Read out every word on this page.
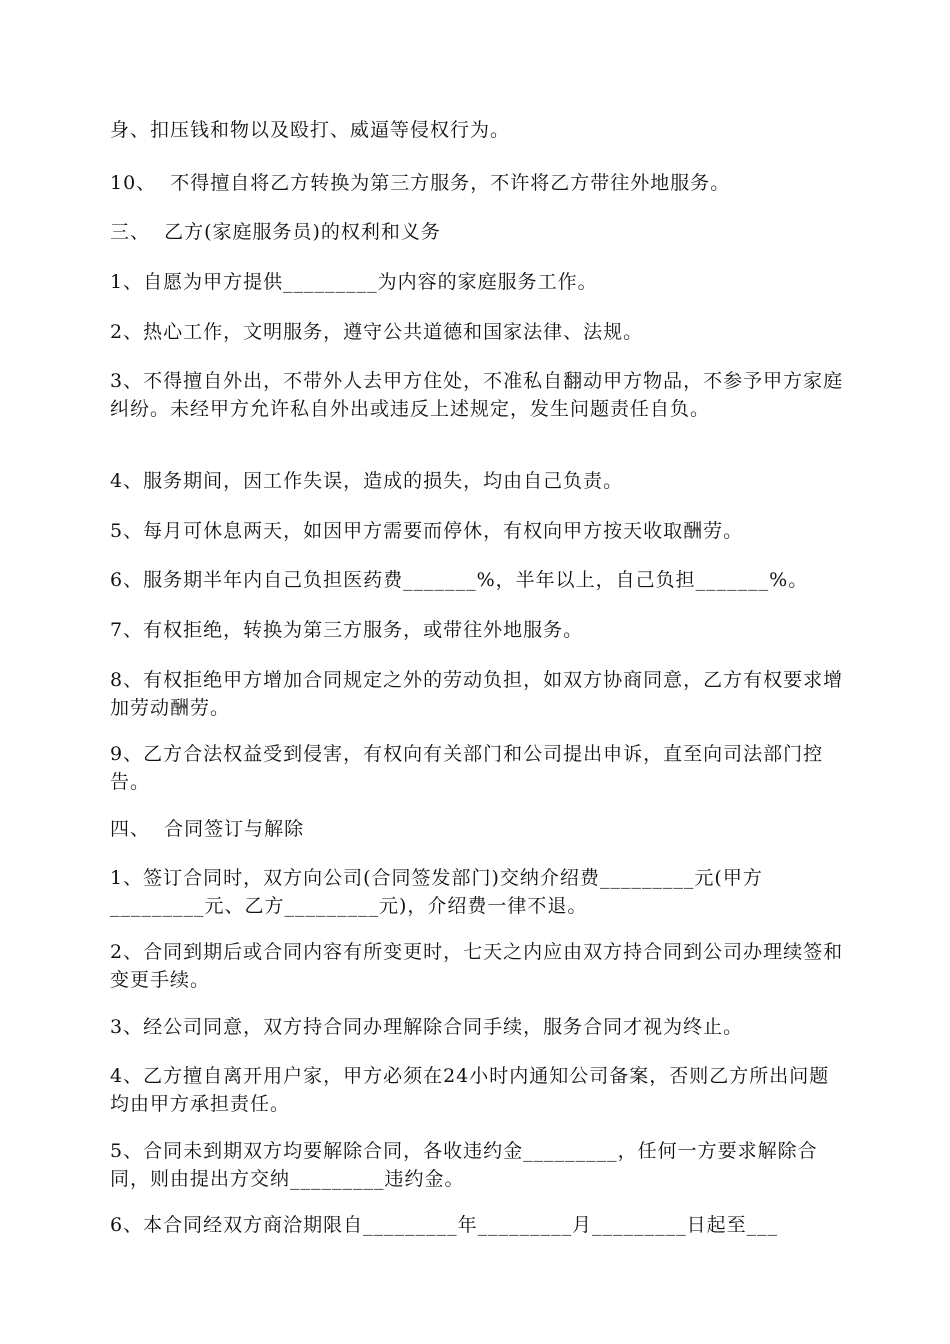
身、扣压钱和物以及殴打、威逼等侵权行为。

10、  不得擅自将乙方转换为第三方服务，不许将乙方带往外地服务。

三、  乙方(家庭服务员)的权利和义务

1、自愿为甲方提供_________为内容的家庭服务工作。

2、热心工作，文明服务，遵守公共道德和国家法律、法规。

3、不得擅自外出，不带外人去甲方住处，不准私自翻动甲方物品，不参予甲方家庭纠纷。未经甲方允许私自外出或违反上述规定，发生问题责任自负。

4、服务期间，因工作失误，造成的损失，均由自己负责。

5、每月可休息两天，如因甲方需要而停休，有权向甲方按天收取酬劳。

6、服务期半年内自己负担医药费_______%，半年以上，自己负担_______%。

7、有权拒绝，转换为第三方服务，或带往外地服务。

8、有权拒绝甲方增加合同规定之外的劳动负担，如双方协商同意，乙方有权要求增加劳动酬劳。

9、乙方合法权益受到侵害，有权向有关部门和公司提出申诉，直至向司法部门控告。

四、  合同签订与解除

1、签订合同时，双方向公司(合同签发部门)交纳介绍费_________元(甲方_________元、乙方_________元)，介绍费一律不退。

2、合同到期后或合同内容有所变更时，七天之内应由双方持合同到公司办理续签和变更手续。

3、经公司同意，双方持合同办理解除合同手续，服务合同才视为终止。

4、乙方擅自离开用户家，甲方必须在24小时内通知公司备案，否则乙方所出问题均由甲方承担责任。

5、合同未到期双方均要解除合同，各收违约金_________，任何一方要求解除合同，则由提出方交纳_________违约金。

6、本合同经双方商洽期限自_________年_________月_________日起至___
